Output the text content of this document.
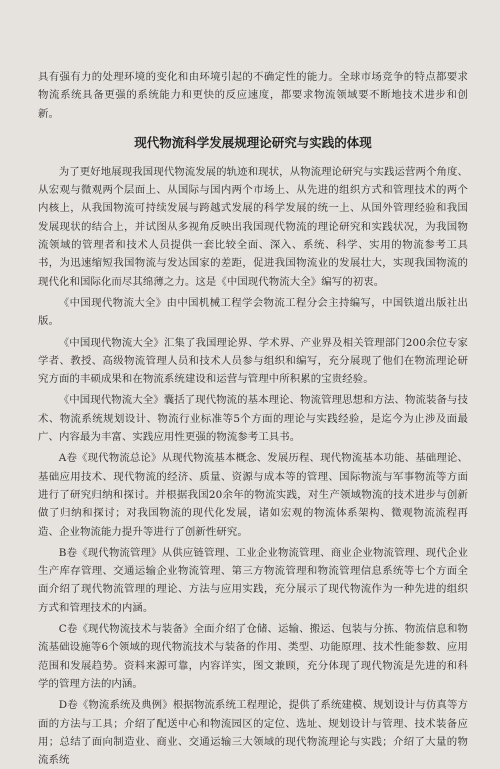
具有强有力的处理环境的变化和由环境引起的不确定性的能力。全球市场竞争的特点都要求物流系统具备更强的系统能力和更快的反应速度，都要求物流领域要不断地技术进步和创新。

现代物流科学发展规理论研究与实践的体现

为了更好地展现我国现代物流发展的轨迹和现状，从物流理论研究与实践运营两个角度、从宏观与微观两个层面上、从国际与国内两个市场上、从先进的组织方式和管理技术的两个内核上，从我国物流可持续发展与跨越式发展的科学发展的统一上、从国外管理经验和我国发展现状的结合上，并试图从多视角反映出我国现代物流的理论研究和实践状况，为我国物流领域的管理者和技术人员提供一套比较全面、深入、系统、科学、实用的物流参考工具书，为迅速缩短我国物流与发达国家的差距，促进我国物流业的发展壮大，实现我国物流的现代化和国际化而尽其绵薄之力。这是《中国现代物流大全》编写的初衷。

《中国现代物流大全》由中国机械工程学会物流工程分会主持编写，中国铁道出版社出版。

《中国现代物流大全》汇集了我国理论界、学术界、产业界及相关管理部门200余位专家学者、教授、高级物流管理人员和技术人员参与组织和编写，充分展现了他们在物流理论研究方面的丰硕成果和在物流系统建设和运营与管理中所积累的宝贵经验。

《中国现代物流大全》囊括了现代物流的基本理论、物流管理思想和方法、物流装备与技术、物流系统规划设计、物流行业标准等5个方面的理论与实践经验，是迄今为止涉及面最广、内容最为丰富、实践应用性更强的物流参考工具书。

A卷《现代物流总论》从现代物流基本概念、发展历程、现代物流基本功能、基础理论、基础应用技术、现代物流的经济、质量、资源与成本等的管理、国际物流与军事物流等方面进行了研究归纳和探讨。并根据我国20余年的物流实践，对生产领域物流的技术进步与创新做了归纳和探讨；对我国物流的现代化发展，诸如宏观的物流体系架构、微观物流流程再造、企业物流能力提升等进行了创新性研究。

B卷《现代物流管理》从供应链管理、工业企业物流管理、商业企业物流管理、现代企业生产库存管理、交通运输企业物流管理、第三方物流管理和物流管理信息系统等七个方面全面介绍了现代物流管理的理论、方法与应用实践，充分展示了现代物流作为一种先进的组织方式和管理技术的内涵。

C卷《现代物流技术与装备》全面介绍了仓储、运输、搬运、包装与分拣、物流信息和物流基础设施等6个领域的现代物流技术与装备的作用、类型、功能原理、技术性能参数、应用范围和发展趋势。资料来源可靠，内容详实，图文兼顾，充分体现了现代物流是先进的和科学的管理方法的内涵。

D卷《物流系统及典例》根据物流系统工程理论，提供了系统建模、规划设计与仿真等方面的方法与工具；介绍了配送中心和物流园区的定位、选址、规划设计与管理、技术装备应用；总结了面向制造业、商业、交通运输三大领域的现代物流理论与实践；介绍了大量的物流系统
